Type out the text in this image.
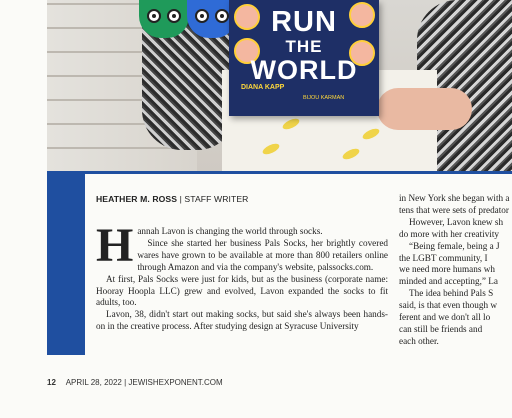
RUN
THE
WORLD
DIANA KAPP
BIJOU KARMAN
HEATHER M. ROSS | STAFF WRITER
H annah Lavon is changing the world through socks.

Since she started her business Pals Socks, her brightly covered wares have grown to be available at more than 800 retailers online through Amazon and via the company's website, palssocks.com.

At first, Pals Socks were just for kids, but as the business (corporate name: Hooray Hoopla LLC) grew and evolved, Lavon expanded the socks to fit adults, too.

Lavon, 38, didn't start out making socks, but said she's always been hands-on in the creative process. After studying design at Syracuse University

in New York she began with a

tens that were sets of predator

However, Lavon knew sh

do more with her creativity

“Being female, being a J

the LGBT community, I

we need more humans wh

minded and accepting,” La

The idea behind Pals S

said, is that even though w

ferent and we don't all lo

can still be friends and

each other.

12 APRIL 28, 2022 | JEWISHEXPONENT.COM
